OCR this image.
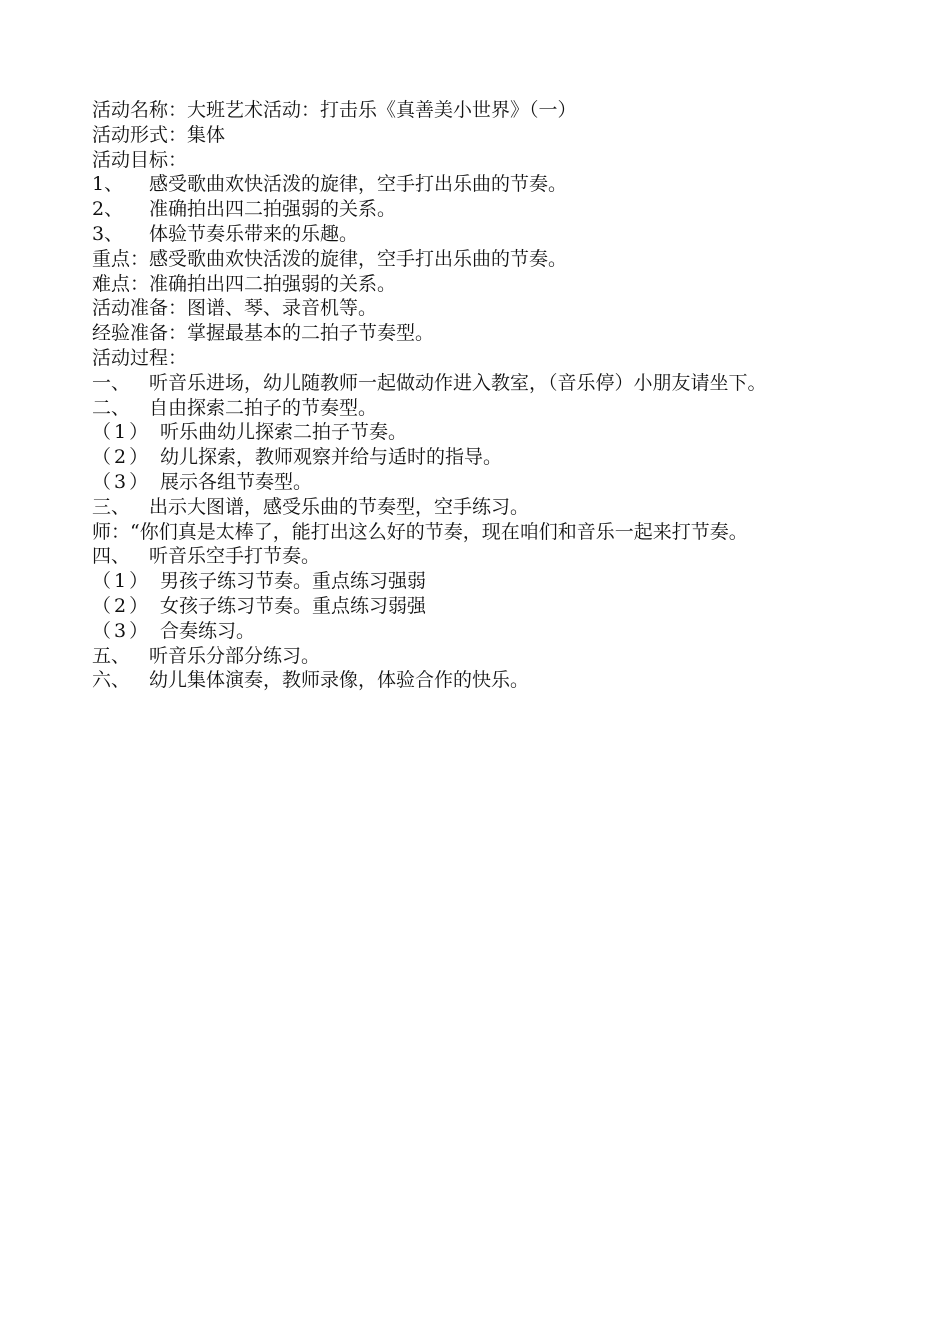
活动名称：大班艺术活动：打击乐《真善美小世界》（一）
活动形式：集体
活动目标：
1、 感受歌曲欢快活泼的旋律，空手打出乐曲的节奏。
2、 准确拍出四二拍强弱的关系。
3、 体验节奏乐带来的乐趣。
重点：感受歌曲欢快活泼的旋律，空手打出乐曲的节奏。
难点：准确拍出四二拍强弱的关系。
活动准备：图谱、琴、录音机等。
经验准备：掌握最基本的二拍子节奏型。
活动过程：
一、 听音乐进场，幼儿随教师一起做动作进入教室，（音乐停）小朋友请坐下。
二、 自由探索二拍子的节奏型。
（1） 听乐曲幼儿探索二拍子节奏。
（2） 幼儿探索，教师观察并给与适时的指导。
（3） 展示各组节奏型。
三、 出示大图谱，感受乐曲的节奏型，空手练习。
师：“你们真是太棒了，能打出这么好的节奏，现在咱们和音乐一起来打节奏。
四、 听音乐空手打节奏。
（1） 男孩子练习节奏。重点练习强弱
（2） 女孩子练习节奏。重点练习弱强
（3） 合奏练习。
五、 听音乐分部分练习。
六、 幼儿集体演奏，教师录像，体验合作的快乐。
